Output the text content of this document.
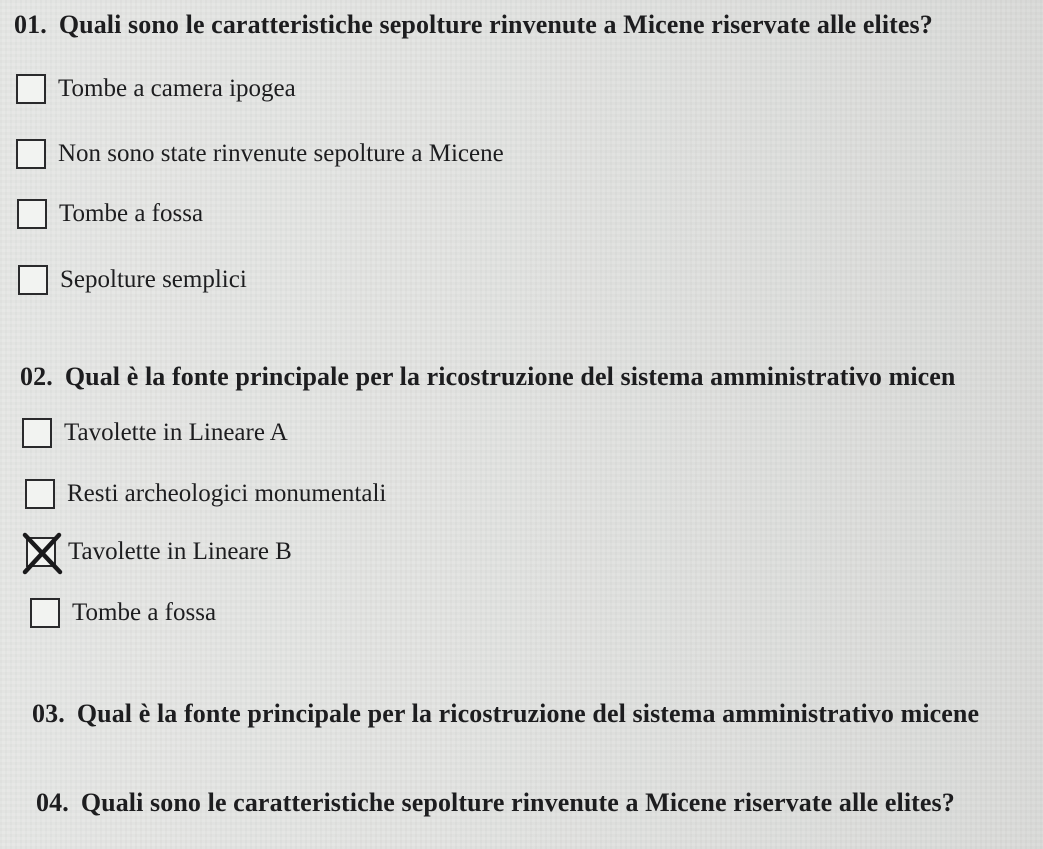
01. Quali sono le caratteristiche sepolture rinvenute a Micene riservate alle elites?
Tombe a camera ipogea
Non sono state rinvenute sepolture a Micene
Tombe a fossa
Sepolture semplici
02. Qual è la fonte principale per la ricostruzione del sistema amministrativo micen
Tavolette in Lineare A
Resti archeologici monumentali
Tavolette in Lineare B
Tombe a fossa
03. Qual è la fonte principale per la ricostruzione del sistema amministrativo micene
04. Quali sono le caratteristiche sepolture rinvenute a Micene riservate alle elites?
